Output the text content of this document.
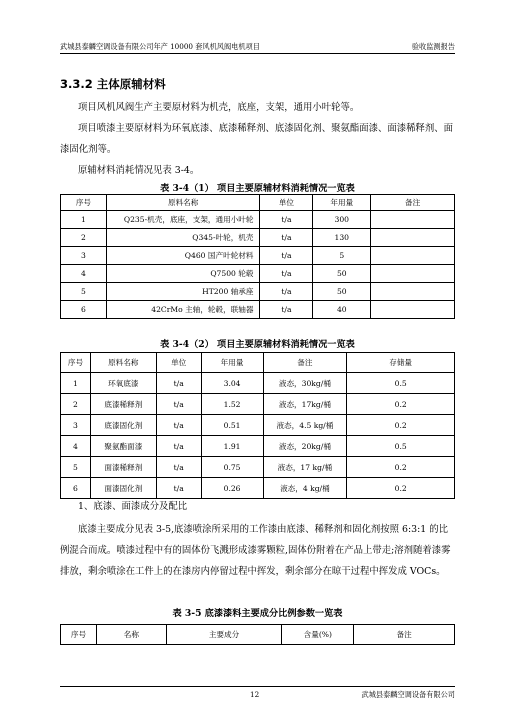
武城县泰麟空调设备有限公司年产 10000 套风机风阀电机项目	验收监测报告
3.3.2 主体原辅材料

项目风机风阀生产主要原材料为机壳，底座，支架，通用小叶轮等。

项目喷漆主要原材料为环氧底漆、底漆稀释剂、底漆固化剂、聚氨酯面漆、面漆稀释剂、面漆固化剂等。

原辅材料消耗情况见表 3-4。

表 3-4（1） 项目主要原辅材料消耗情况一览表
序号	原料名称	单位	年用量	备注
1	Q235-机壳，底座，支架，通用小叶轮	t/a	300	
2	Q345-叶轮，机壳	t/a	130	
3	Q460 国产叶轮材料	t/a	5	
4	Q7500 轮毂	t/a	50	
5	HT200 轴承座	t/a	50	
6	42CrMo 主轴，轮毂，联轴器	t/a	40	
表 3-4（2） 项目主要原辅材料消耗情况一览表
序号	原料名称	单位	年用量	备注	存储量
1	环氧底漆	t/a	3.04	液态，30kg/桶	0.5
2	底漆稀释剂	t/a	1.52	液态，17kg/桶	0.2
3	底漆固化剂	t/a	0.51	液态，4.5 kg/桶	0.2
4	聚氨酯面漆	t/a	1.91	液态，20kg/桶	0.5
5	面漆稀释剂	t/a	0.75	液态，17 kg/桶	0.2
6	面漆固化剂	t/a	0.26	液态，4 kg/桶	0.2

1、底漆、面漆成分及配比

底漆主要成分见表 3-5,底漆喷涂所采用的工作漆由底漆、稀释剂和固化剂按照 6:3:1 的比例混合而成。喷漆过程中有的固体份飞溅形成漆雾颗粒,固体份附着在产品上带走;溶剂随着漆雾排放，剩余喷涂在工件上的在漆房内停留过程中挥发，剩余部分在晾干过程中挥发成 VOCs。

表 3-5 底漆漆料主要成分比例参数一览表
序号	名称	主要成分	含量(%)	备注
12	武城县泰麟空调设备有限公司
